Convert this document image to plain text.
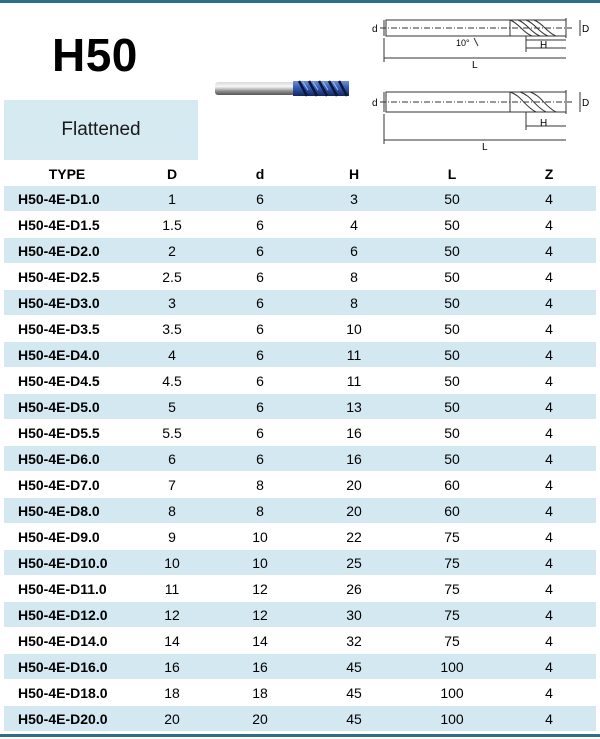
H50
Flattened
d	D
10°	H
L
d	D
H
L
TYPE	D	d	H	L	Z
H50-4E-D1.0	1	6	3	50	4
H50-4E-D1.5	1.5	6	4	50	4
H50-4E-D2.0	2	6	6	50	4
H50-4E-D2.5	2.5	6	8	50	4
H50-4E-D3.0	3	6	8	50	4
H50-4E-D3.5	3.5	6	10	50	4
H50-4E-D4.0	4	6	11	50	4
H50-4E-D4.5	4.5	6	11	50	4
H50-4E-D5.0	5	6	13	50	4
H50-4E-D5.5	5.5	6	16	50	4
H50-4E-D6.0	6	6	16	50	4
H50-4E-D7.0	7	8	20	60	4
H50-4E-D8.0	8	8	20	60	4
H50-4E-D9.0	9	10	22	75	4
H50-4E-D10.0	10	10	25	75	4
H50-4E-D11.0	11	12	26	75	4
H50-4E-D12.0	12	12	30	75	4
H50-4E-D14.0	14	14	32	75	4
H50-4E-D16.0	16	16	45	100	4
H50-4E-D18.0	18	18	45	100	4
H50-4E-D20.0	20	20	45	100	4
